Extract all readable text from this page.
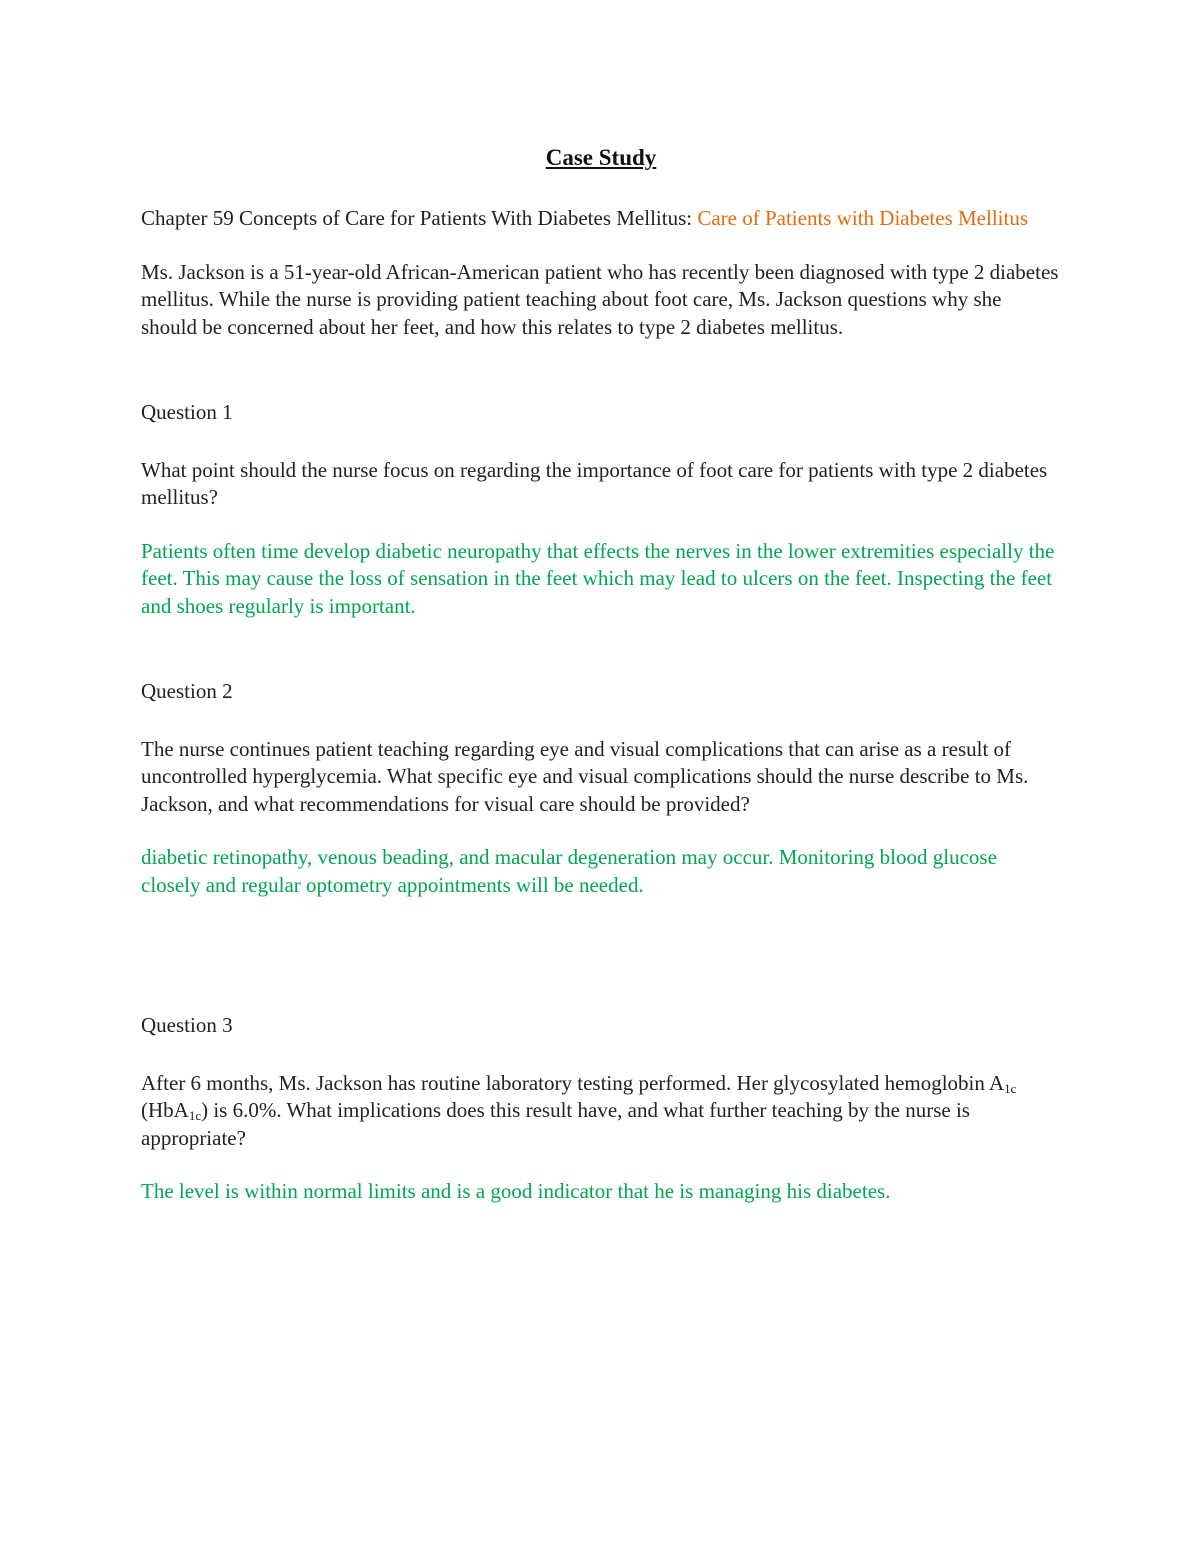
Case Study

Chapter 59 Concepts of Care for Patients With Diabetes Mellitus: Care of Patients with Diabetes Mellitus

Ms. Jackson is a 51-year-old African-American patient who has recently been diagnosed with type 2 diabetes mellitus. While the nurse is providing patient teaching about foot care, Ms. Jackson questions why she should be concerned about her feet, and how this relates to type 2 diabetes mellitus.

Question 1

What point should the nurse focus on regarding the importance of foot care for patients with type 2 diabetes mellitus?

Patients often time develop diabetic neuropathy that effects the nerves in the lower extremities especially the feet. This may cause the loss of sensation in the feet which may lead to ulcers on the feet. Inspecting the feet and shoes regularly is important.

Question 2

The nurse continues patient teaching regarding eye and visual complications that can arise as a result of uncontrolled hyperglycemia. What specific eye and visual complications should the nurse describe to Ms. Jackson, and what recommendations for visual care should be provided?

diabetic retinopathy, venous beading, and macular degeneration may occur. Monitoring blood glucose closely and regular optometry appointments will be needed.

Question 3

After 6 months, Ms. Jackson has routine laboratory testing performed. Her glycosylated hemoglobin $A_{1c}$ (HbA$_{1c}$) is 6.0%. What implications does this result have, and what further teaching by the nurse is appropriate?

The level is within normal limits and is a good indicator that he is managing his diabetes.
